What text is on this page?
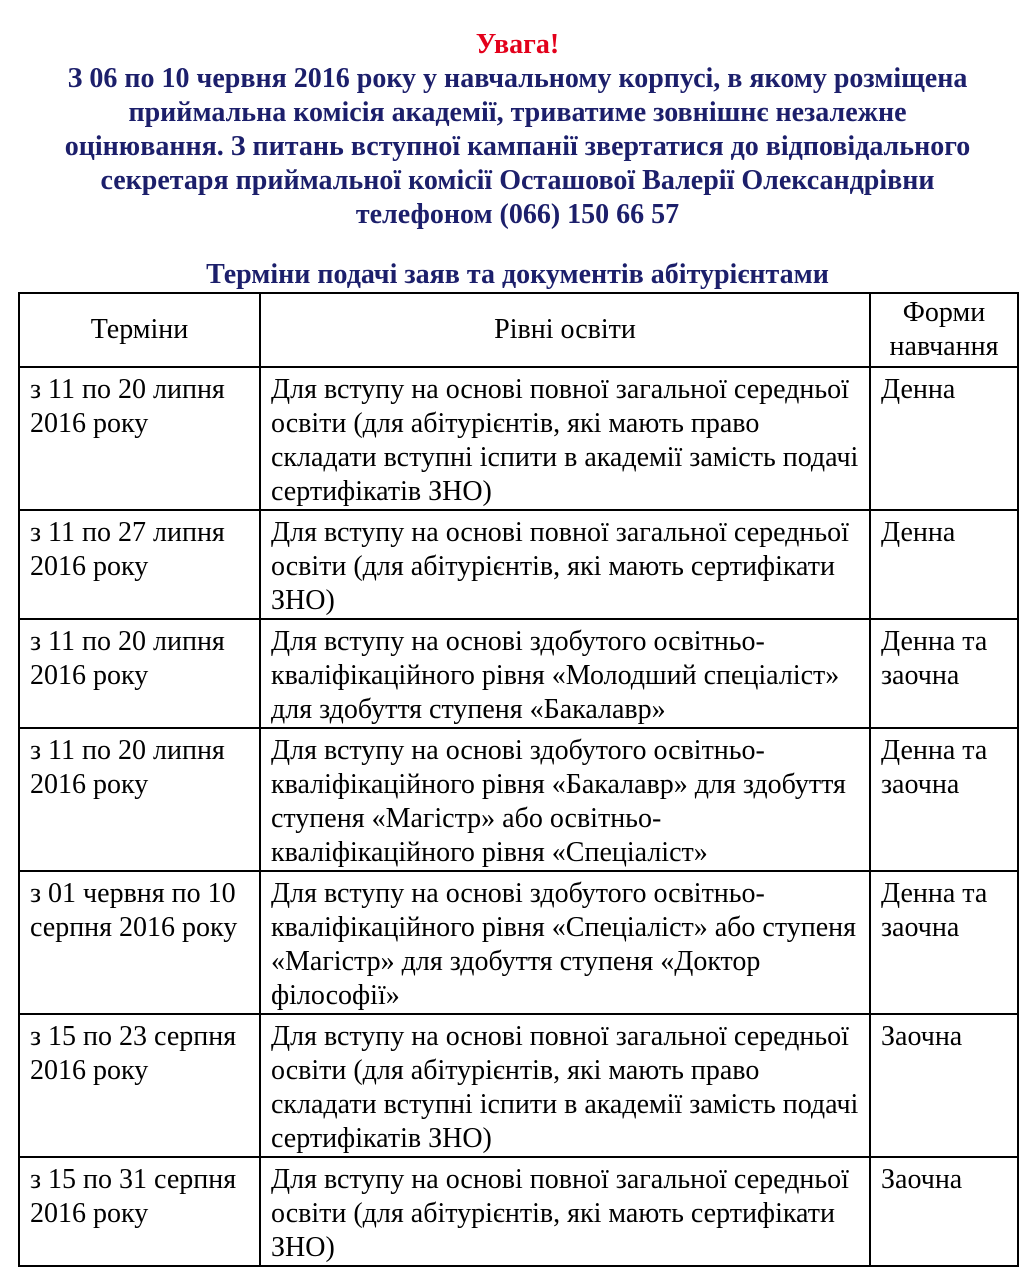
Увага!
З 06 по 10 червня 2016 року у навчальному корпусі, в якому розміщена
приймальна комісія академії, триватиме зовнішнє незалежне
оцінювання. З питань вступної кампанії звертатися до відповідального
секретаря приймальної комісії Осташової Валерії Олександрівни
телефоном (066) 150 66 57
Терміни подачі заяв та документів абітурієнтами
Терміни	Рівні освіти	Форми навчання
з 11 по 20 липня 2016 року	Для вступу на основі повної загальної середньої освіти (для абітурієнтів, які мають право складати вступні іспити в академії замість подачі сертифікатів ЗНО)	Денна
з 11 по 27 липня 2016 року	Для вступу на основі повної загальної середньої освіти (для абітурієнтів, які мають сертифікати ЗНО)	Денна
з 11 по 20 липня 2016 року	Для вступу на основі здобутого освітньо-кваліфікаційного рівня «Молодший спеціаліст» для здобуття ступеня «Бакалавр»	Денна та заочна
з 11 по 20 липня 2016 року	Для вступу на основі здобутого освітньо-кваліфікаційного рівня «Бакалавр» для здобуття ступеня «Магістр» або освітньо-кваліфікаційного рівня «Спеціаліст»	Денна та заочна
з 01 червня по 10 серпня 2016 року	Для вступу на основі здобутого освітньо-кваліфікаційного рівня «Спеціаліст» або ступеня «Магістр» для здобуття ступеня «Доктор філософії»	Денна та заочна
з 15 по 23 серпня 2016 року	Для вступу на основі повної загальної середньої освіти (для абітурієнтів, які мають право складати вступні іспити в академії замість подачі сертифікатів ЗНО)	Заочна
з 15 по 31 серпня 2016 року	Для вступу на основі повної загальної середньої освіти (для абітурієнтів, які мають сертифікати ЗНО)	Заочна
